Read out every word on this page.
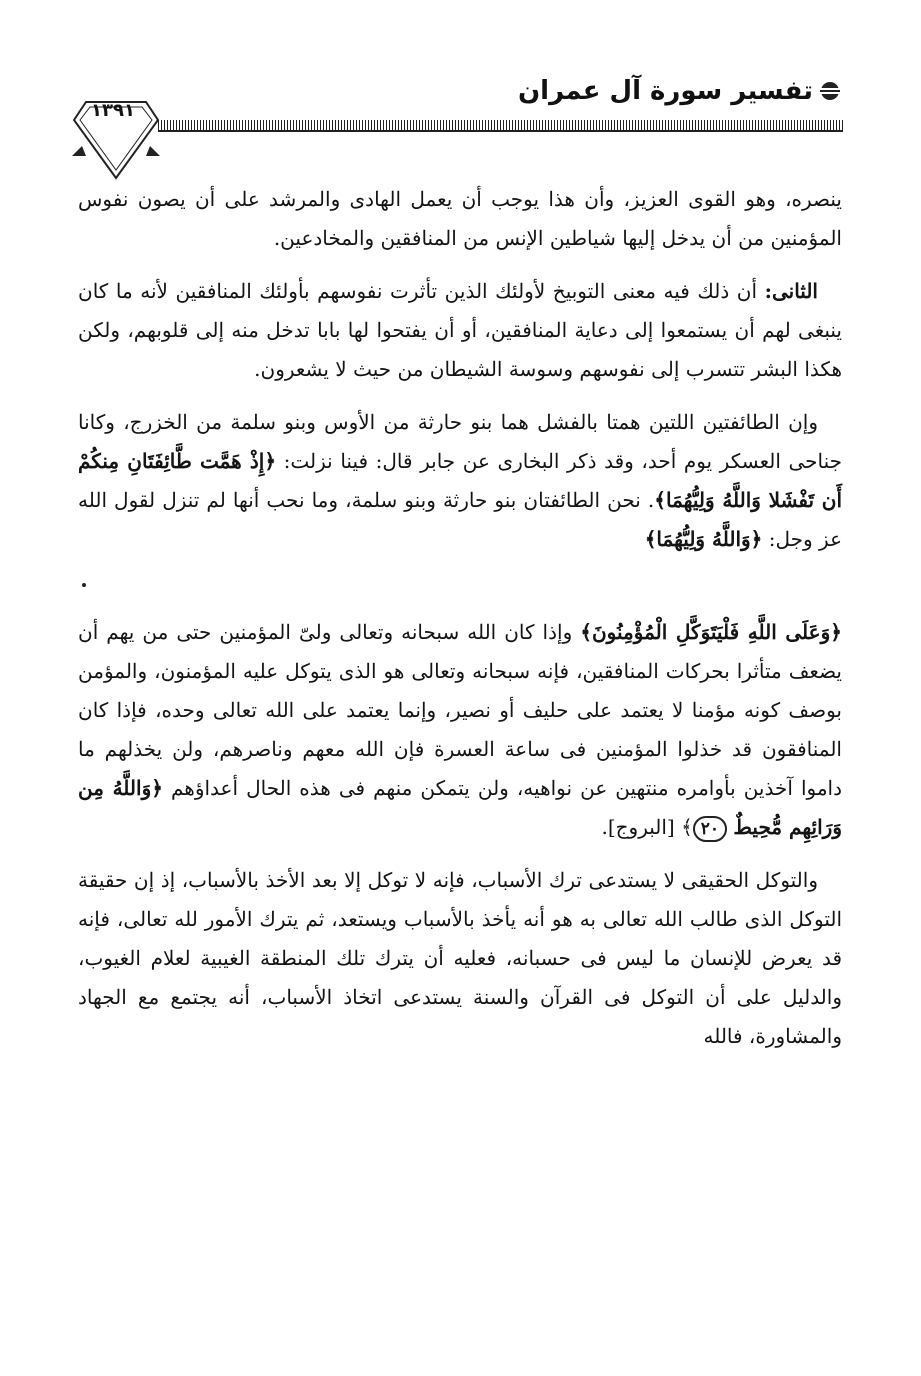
تفسير سورة آل عمران
١٣٩١

ينصره، وهو القوى العزيز، وأن هذا يوجب أن يعمل الهادى والمرشد على أن يصون نفوس المؤمنين من أن يدخل إليها شياطين الإنس من المنافقين والمخادعين.

الثانى: أن ذلك فيه معنى التوبيخ لأولئك الذين تأثرت نفوسهم بأولئك المنافقين لأنه ما كان ينبغى لهم أن يستمعوا إلى دعاية المنافقين، أو أن يفتحوا لها بابا تدخل منه إلى قلوبهم، ولكن هكذا البشر تتسرب إلى نفوسهم وسوسة الشيطان من حيث لا يشعرون.

وإن الطائفتين اللتين همتا بالفشل هما بنو حارثة من الأوس وبنو سلمة من الخزرج، وكانا جناحى العسكر يوم أحد، وقد ذكر البخارى عن جابر قال: فينا نزلت: ﴿إِذْ هَمَّت طَّائِفَتَانِ مِنكُمْ أَن تَفْشَلا وَاللَّهُ وَلِيُّهُمَا﴾. نحن الطائفتان بنو حارثة وبنو سلمة، وما نحب أنها لم تنزل لقول الله عز وجل: ﴿وَاللَّهُ وَلِيُّهُمَا﴾

﴿وَعَلَى اللَّهِ فَلْيَتَوَكَّلِ الْمُؤْمِنُونَ﴾ وإذا كان الله سبحانه وتعالى ولىّ المؤمنين حتى من يهم أن يضعف متأثرا بحركات المنافقين، فإنه سبحانه وتعالى هو الذى يتوكل عليه المؤمنون، والمؤمن بوصف كونه مؤمنا لا يعتمد على حليف أو نصير، وإنما يعتمد على الله تعالى وحده، فإذا كان المنافقون قد خذلوا المؤمنين فى ساعة العسرة فإن الله معهم وناصرهم، ولن يخذلهم ما داموا آخذين بأوامره منتهين عن نواهيه، ولن يتمكن منهم فى هذه الحال أعداؤهم ﴿وَاللَّهُ مِن وَرَائِهِم مُّحِيطٌ ٢٠﴾ [البروج].

والتوكل الحقيقى لا يستدعى ترك الأسباب، فإنه لا توكل إلا بعد الأخذ بالأسباب، إذ إن حقيقة التوكل الذى طالب الله تعالى به هو أنه يأخذ بالأسباب ويستعد، ثم يترك الأمور لله تعالى، فإنه قد يعرض للإنسان ما ليس فى حسبانه، فعليه أن يترك تلك المنطقة الغيبية لعلام الغيوب، والدليل على أن التوكل فى القرآن والسنة يستدعى اتخاذ الأسباب، أنه يجتمع مع الجهاد والمشاورة، فالله
